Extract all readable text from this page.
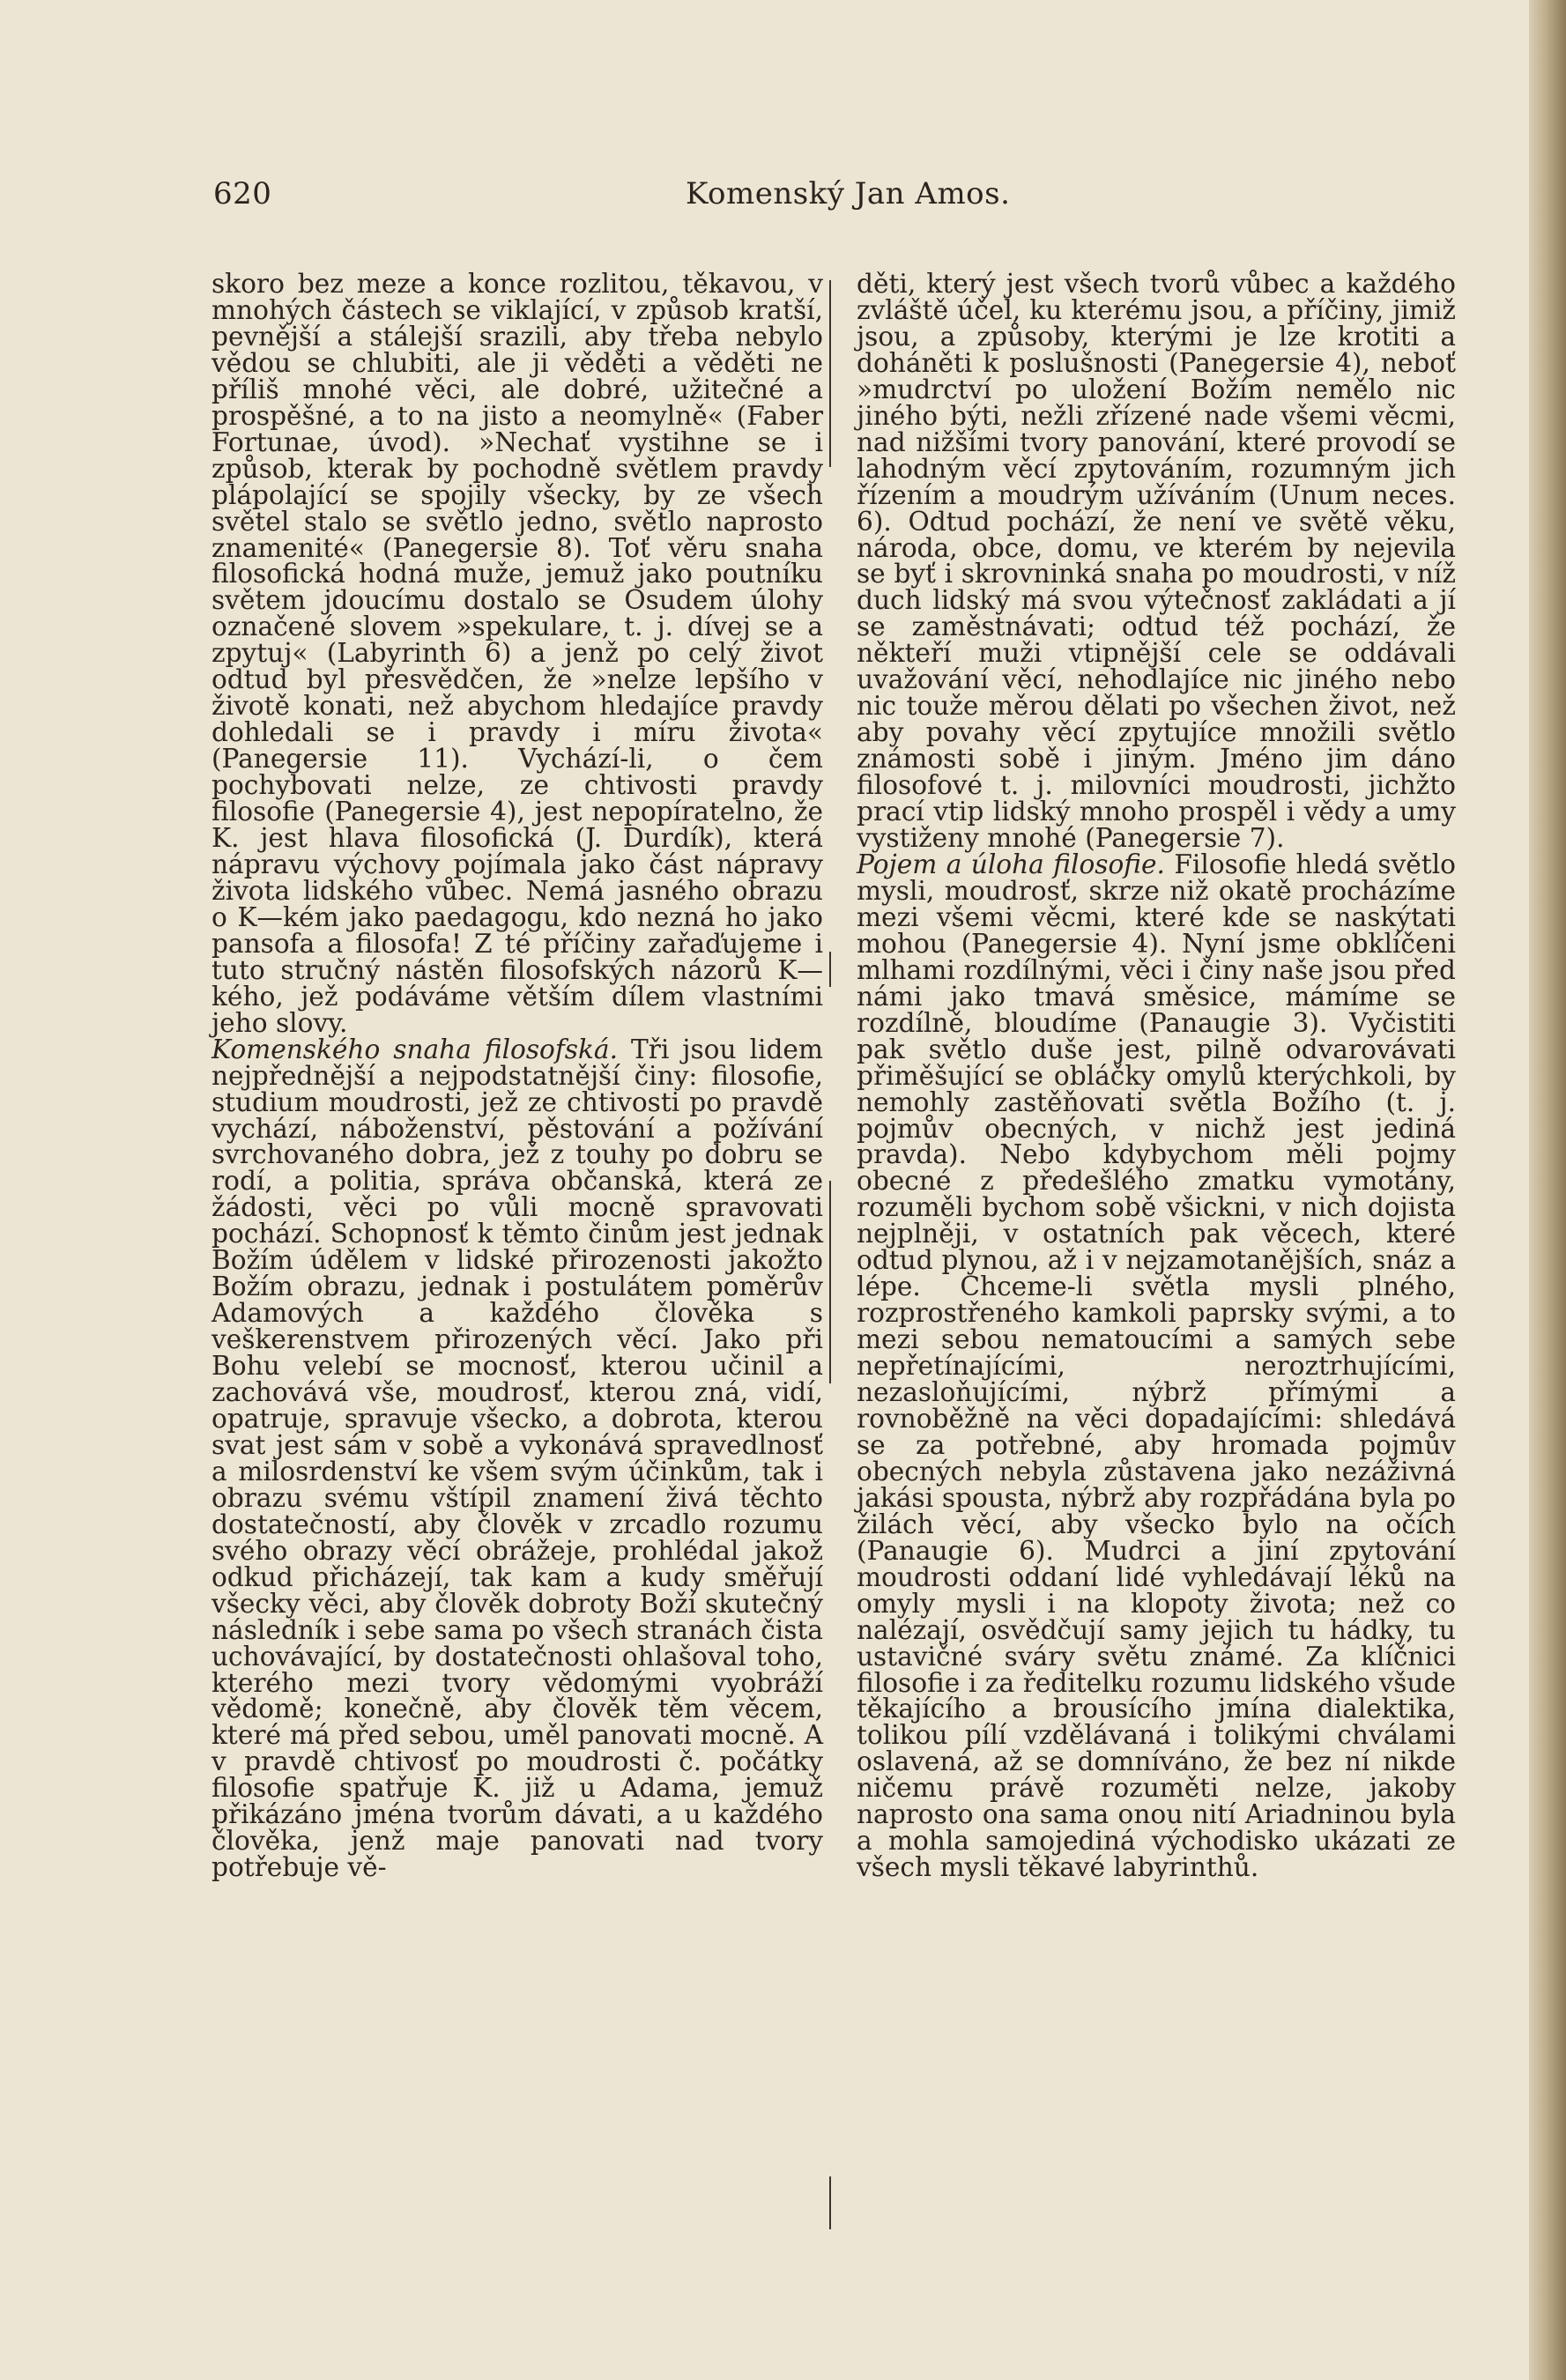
620	Komenský Jan Amos.

skoro bez meze a konce rozlitou, těkavou, v mnohých částech se viklající, v způsob kratší, pevnější a stálejší srazili, aby třeba nebylo vědou se chlubiti, ale ji věděti a věděti ne příliš mnohé věci, ale dobré, užitečné a prospěšné, a to na jisto a neomylně« (Faber Fortunae, úvod). »Nechať vystihne se i způsob, kterak by pochodně světlem pravdy plápolající se spojily všecky, by ze všech světel stalo se světlo jedno, světlo naprosto znamenité« (Panegersie 8). Toť věru snaha filosofická hodná muže, jemuž jako poutníku světem jdoucímu dostalo se Osudem úlohy označené slovem »spekulare, t. j. dívej se a zpytuj« (Labyrinth 6) a jenž po celý život odtud byl přesvědčen, že »nelze lepšího v životě konati, než abychom hledajíce pravdy dohledali se i pravdy i míru života« (Panegersie 11). Vychází-li, o čem pochybovati nelze, ze chtivosti pravdy filosofie (Panegersie 4), jest nepopíratelno, že K. jest hlava filosofická (J. Durdík), která nápravu výchovy pojímala jako část nápravy života lidského vůbec. Nemá jasného obrazu o K—kém jako paedagogu, kdo nezná ho jako pansofa a filosofa! Z té příčiny zařaďujeme i tuto stručný nástěn filosofských názorů K—kého, jež podáváme větším dílem vlastními jeho slovy.

Komenského snaha filosofská. Tři jsou lidem nejpřednější a nejpodstatnější činy: filosofie, studium moudrosti, jež ze chtivosti po pravdě vychází, náboženství, pěstování a požívání svrchovaného dobra, jež z touhy po dobru se rodí, a politia, správa občanská, která ze žádosti, věci po vůli mocně spravovati pochází. Schopnosť k těmto činům jest jednak Božím údělem v lidské přirozenosti jakožto Božím obrazu, jednak i postulátem poměrův Adamových a každého člověka s veškerenstvem přirozených věcí. Jako při Bohu velebí se mocnosť, kterou učinil a zachovává vše, moudrosť, kterou zná, vidí, opatruje, spravuje všecko, a dobrota, kterou svat jest sám v sobě a vykonává spravedlnosť a milosrdenství ke všem svým účinkům, tak i obrazu svému vštípil znamení živá těchto dostatečností, aby člověk v zrcadlo rozumu svého obrazy věcí obrážeje, prohlédal jakož odkud přicházejí, tak kam a kudy směřují všecky věci, aby člověk dobroty Boží skutečný následník i sebe sama po všech stranách čista uchovávající, by dostatečnosti ohlašoval toho, kterého mezi tvory vědomými vyobráží vědomě; konečně, aby člověk těm věcem, které má před sebou, uměl panovati mocně. A v pravdě chtivosť po moudrosti č. počátky filosofie spatřuje K. již u Adama, jemuž přikázáno jména tvorům dávati, a u každého člověka, jenž maje panovati nad tvory potřebuje vě-

děti, který jest všech tvorů vůbec a každého zvláště účel, ku kterému jsou, a příčiny, jimiž jsou, a způsoby, kterými je lze krotiti a doháněti k poslušnosti (Panegersie 4), neboť »mudrctví po uložení Božím nemělo nic jiného býti, nežli zřízené nade všemi věcmi, nad nižšími tvory panování, které provodí se lahodným věcí zpytováním, rozumným jich řízením a moudrým užíváním (Unum neces. 6). Odtud pochází, že není ve světě věku, národa, obce, domu, ve kterém by nejevila se byť i skrovninká snaha po moudrosti, v níž duch lidský má svou výtečnosť zakládati a jí se zaměstnávati; odtud též pochází, že někteří muži vtipnější cele se oddávali uvažování věcí, nehodlajíce nic jiného nebo nic touže měrou dělati po všechen život, než aby povahy věcí zpytujíce množili světlo známosti sobě i jiným. Jméno jim dáno filosofové t. j. milovníci moudrosti, jichžto prací vtip lidský mnoho prospěl i vědy a umy vystiženy mnohé (Panegersie 7).

Pojem a úloha filosofie. Filosofie hledá světlo mysli, moudrosť, skrze niž okatě procházíme mezi všemi věcmi, které kde se naskýtati mohou (Panegersie 4). Nyní jsme obklíčeni mlhami rozdílnými, věci i činy naše jsou před námi jako tmavá směsice, mámíme se rozdílně, bloudíme (Panaugie 3). Vyčistiti pak světlo duše jest, pilně odvarovávati přiměšující se obláčky omylů kterýchkoli, by nemohly zastěňovati světla Božího (t. j. pojmův obecných, v nichž jest jediná pravda). Nebo kdybychom měli pojmy obecné z předešlého zmatku vymotány, rozuměli bychom sobě všickni, v nich dojista nejplněji, v ostatních pak věcech, které odtud plynou, až i v nejzamotanějších, snáz a lépe. Chceme-li světla mysli plného, rozprostřeného kamkoli paprsky svými, a to mezi sebou nematoucími a samých sebe nepřetínajícími, neroztrhujícími, nezasloňujícími, nýbrž přímými a rovnoběžně na věci dopadajícími: shledává se za potřebné, aby hromada pojmův obecných nebyla zůstavena jako nezáživná jakási spousta, nýbrž aby rozpřádána byla po žilách věcí, aby všecko bylo na očích (Panaugie 6). Mudrci a jiní zpytování moudrosti oddaní lidé vyhledávají léků na omyly mysli i na klopoty života; než co nalézají, osvědčují samy jejich tu hádky, tu ustavičné sváry světu známé. Za klíčnici filosofie i za ředitelku rozumu lidského všude těkajícího a brousícího jmína dialektika, tolikou pílí vzdělávaná i tolikými chválami oslavená, až se domníváno, že bez ní nikde ničemu právě rozuměti nelze, jakoby naprosto ona sama onou nití Ariadninou byla a mohla samojediná východisko ukázati ze všech mysli těkavé labyrinthů.
